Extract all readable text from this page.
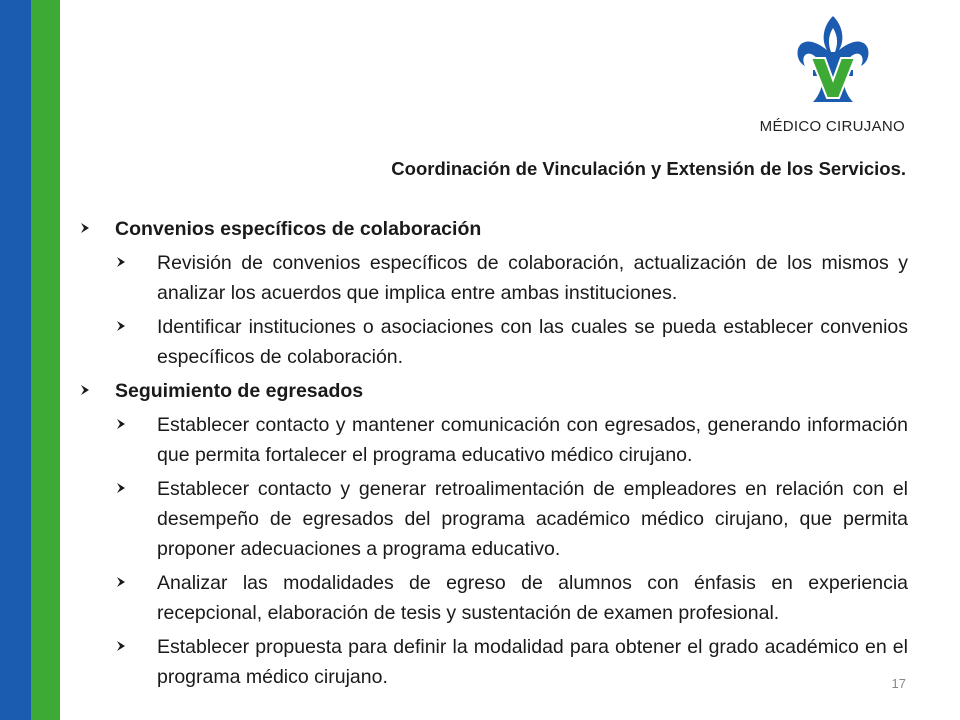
MÉDICO CIRUJANO
Coordinación de Vinculación y Extensión de los Servicios.
Convenios específicos de colaboración
Revisión de convenios específicos de colaboración, actualización de los mismos y analizar los acuerdos que implica entre ambas instituciones.
Identificar instituciones o asociaciones con las cuales se pueda establecer convenios específicos de colaboración.
Seguimiento de egresados
Establecer contacto y mantener comunicación con egresados, generando información que permita fortalecer el programa educativo médico cirujano.
Establecer contacto y generar retroalimentación de empleadores en relación con el desempeño de egresados del programa académico médico cirujano, que permita proponer adecuaciones a programa educativo.
Analizar las modalidades de egreso de alumnos con énfasis en experiencia recepcional, elaboración de tesis y sustentación de examen profesional.
Establecer propuesta para definir la modalidad para obtener el grado académico en el programa médico cirujano.	17
